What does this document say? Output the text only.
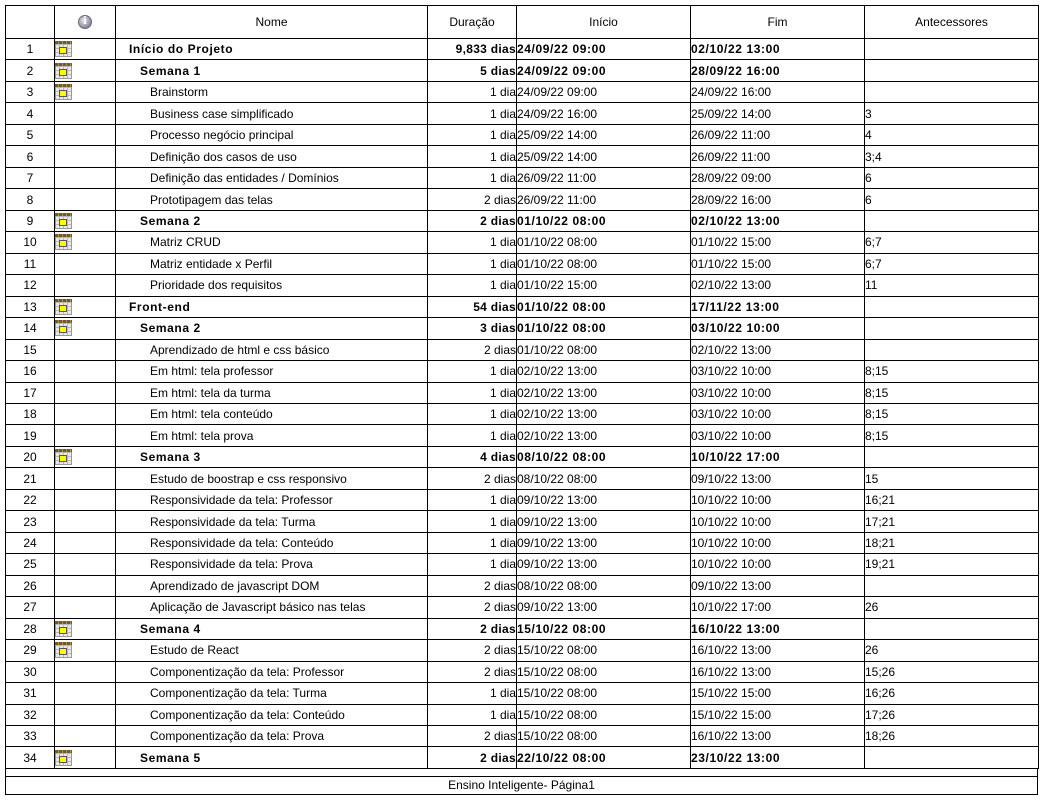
	i	Nome	Duração	Início	Fim	Antecessores
1		Início do Projeto	9,833 dias	24/09/22 09:00	02/10/22 13:00	
2		Semana 1	5 dias	24/09/22 09:00	28/09/22 16:00	
3		Brainstorm	1 dia	24/09/22 09:00	24/09/22 16:00	
4		Business case simplificado	1 dia	24/09/22 16:00	25/09/22 14:00	3
5		Processo negócio principal	1 dia	25/09/22 14:00	26/09/22 11:00	4
6		Definição dos casos de uso	1 dia	25/09/22 14:00	26/09/22 11:00	3;4
7		Definição das entidades / Domínios	1 dia	26/09/22 11:00	28/09/22 09:00	6
8		Prototipagem das telas	2 dias	26/09/22 11:00	28/09/22 16:00	6
9		Semana 2	2 dias	01/10/22 08:00	02/10/22 13:00	
10		Matriz CRUD	1 dia	01/10/22 08:00	01/10/22 15:00	6;7
11		Matriz entidade x Perfil	1 dia	01/10/22 08:00	01/10/22 15:00	6;7
12		Prioridade dos requisitos	1 dia	01/10/22 15:00	02/10/22 13:00	11
13		Front-end	54 dias	01/10/22 08:00	17/11/22 13:00	
14		Semana 2	3 dias	01/10/22 08:00	03/10/22 10:00	
15		Aprendizado de html e css básico	2 dias	01/10/22 08:00	02/10/22 13:00	
16		Em html: tela professor	1 dia	02/10/22 13:00	03/10/22 10:00	8;15
17		Em html: tela da turma	1 dia	02/10/22 13:00	03/10/22 10:00	8;15
18		Em html: tela conteúdo	1 dia	02/10/22 13:00	03/10/22 10:00	8;15
19		Em html: tela prova	1 dia	02/10/22 13:00	03/10/22 10:00	8;15
20		Semana 3	4 dias	08/10/22 08:00	10/10/22 17:00	
21		Estudo de boostrap e css responsivo	2 dias	08/10/22 08:00	09/10/22 13:00	15
22		Responsividade da tela: Professor	1 dia	09/10/22 13:00	10/10/22 10:00	16;21
23		Responsividade da tela: Turma	1 dia	09/10/22 13:00	10/10/22 10:00	17;21
24		Responsividade da tela: Conteúdo	1 dia	09/10/22 13:00	10/10/22 10:00	18;21
25		Responsividade da tela: Prova	1 dia	09/10/22 13:00	10/10/22 10:00	19;21
26		Aprendizado de javascript DOM	2 dias	08/10/22 08:00	09/10/22 13:00	
27		Aplicação de Javascript básico nas telas	2 dias	09/10/22 13:00	10/10/22 17:00	26
28		Semana 4	2 dias	15/10/22 08:00	16/10/22 13:00	
29		Estudo de React	2 dias	15/10/22 08:00	16/10/22 13:00	26
30		Componentização da tela: Professor	2 dias	15/10/22 08:00	16/10/22 13:00	15;26
31		Componentização da tela: Turma	1 dia	15/10/22 08:00	15/10/22 15:00	16;26
32		Componentização da tela: Conteúdo	1 dia	15/10/22 08:00	15/10/22 15:00	17;26
33		Componentização da tela: Prova	2 dias	15/10/22 08:00	16/10/22 13:00	18;26
34		Semana 5	2 dias	22/10/22 08:00	23/10/22 13:00	
Ensino Inteligente- Página1
